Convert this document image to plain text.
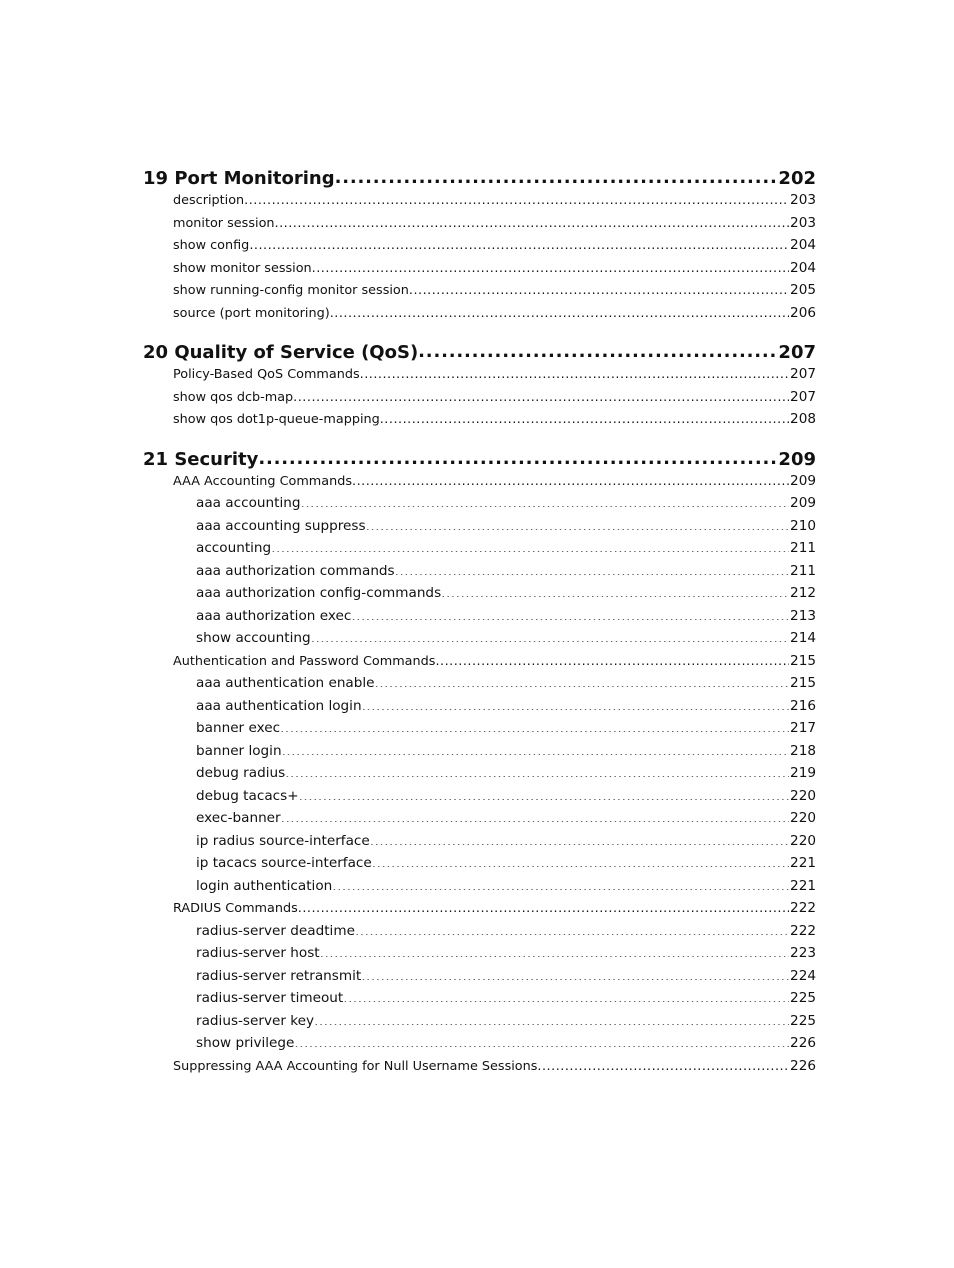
19 Port Monitoring .....	202
description .....	203
monitor session .....	203
show config .....	204
show monitor session .....	204
show running-config monitor session .....	205
source (port monitoring) .....	206
20 Quality of Service (QoS) .....	207
Policy-Based QoS Commands .....	207
show qos dcb-map .....	207
show qos dot1p-queue-mapping .....	208
21 Security .....	209
AAA Accounting Commands .....	209
aaa accounting .....	209
aaa accounting suppress .....	210
accounting .....	211
aaa authorization commands .....	211
aaa authorization config-commands .....	212
aaa authorization exec .....	213
show accounting .....	214
Authentication and Password Commands .....	215
aaa authentication enable .....	215
aaa authentication login .....	216
banner exec .....	217
banner login .....	218
debug radius .....	219
debug tacacs+ .....	220
exec-banner .....	220
ip radius source-interface .....	220
ip tacacs source-interface .....	221
login authentication .....	221
RADIUS Commands .....	222
radius-server deadtime .....	222
radius-server host .....	223
radius-server retransmit .....	224
radius-server timeout .....	225
radius-server key .....	225
show privilege .....	226
Suppressing AAA Accounting for Null Username Sessions .....	226
